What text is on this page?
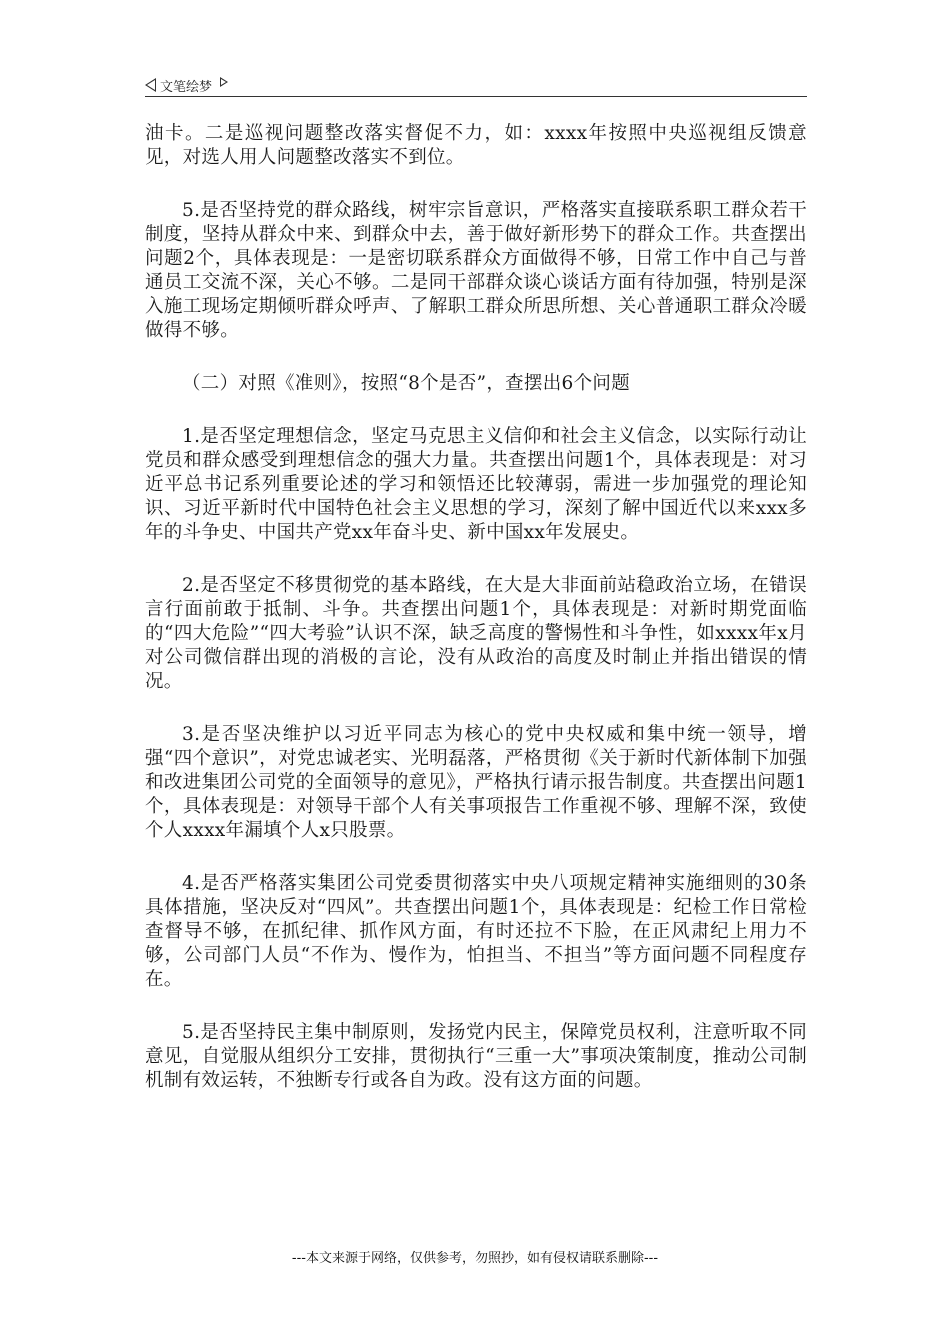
文笔绘梦

油卡。二是巡视问题整改落实督促不力，如：xxxx年按照中央巡视组反馈意见，对选人用人问题整改落实不到位。

5.是否坚持党的群众路线，树牢宗旨意识，严格落实直接联系职工群众若干制度，坚持从群众中来、到群众中去，善于做好新形势下的群众工作。共查摆出问题2个，具体表现是：一是密切联系群众方面做得不够，日常工作中自己与普通员工交流不深，关心不够。二是同干部群众谈心谈话方面有待加强，特别是深入施工现场定期倾听群众呼声、了解职工群众所思所想、关心普通职工群众冷暖做得不够。

（二）对照《准则》，按照“8个是否”，查摆出6个问题

1.是否坚定理想信念，坚定马克思主义信仰和社会主义信念，以实际行动让党员和群众感受到理想信念的强大力量。共查摆出问题1个，具体表现是：对习近平总书记系列重要论述的学习和领悟还比较薄弱，需进一步加强党的理论知识、习近平新时代中国特色社会主义思想的学习，深刻了解中国近代以来xxx多年的斗争史、中国共产党xx年奋斗史、新中国xx年发展史。

2.是否坚定不移贯彻党的基本路线，在大是大非面前站稳政治立场，在错误言行面前敢于抵制、斗争。共查摆出问题1个，具体表现是：对新时期党面临的“四大危险”“四大考验”认识不深，缺乏高度的警惕性和斗争性，如xxxx年x月对公司微信群出现的消极的言论，没有从政治的高度及时制止并指出错误的情况。

3.是否坚决维护以习近平同志为核心的党中央权威和集中统一领导，增强“四个意识”，对党忠诚老实、光明磊落，严格贯彻《关于新时代新体制下加强和改进集团公司党的全面领导的意见》，严格执行请示报告制度。共查摆出问题1个，具体表现是：对领导干部个人有关事项报告工作重视不够、理解不深，致使个人xxxx年漏填个人x只股票。

4.是否严格落实集团公司党委贯彻落实中央八项规定精神实施细则的30条具体措施，坚决反对“四风”。共查摆出问题1个，具体表现是：纪检工作日常检查督导不够，在抓纪律、抓作风方面，有时还拉不下脸，在正风肃纪上用力不够，公司部门人员“不作为、慢作为，怕担当、不担当”等方面问题不同程度存在。

5.是否坚持民主集中制原则，发扬党内民主，保障党员权利，注意听取不同意见，自觉服从组织分工安排，贯彻执行“三重一大”事项决策制度，推动公司制机制有效运转，不独断专行或各自为政。没有这方面的问题。

---本文来源于网络，仅供参考，勿照抄，如有侵权请联系删除---
